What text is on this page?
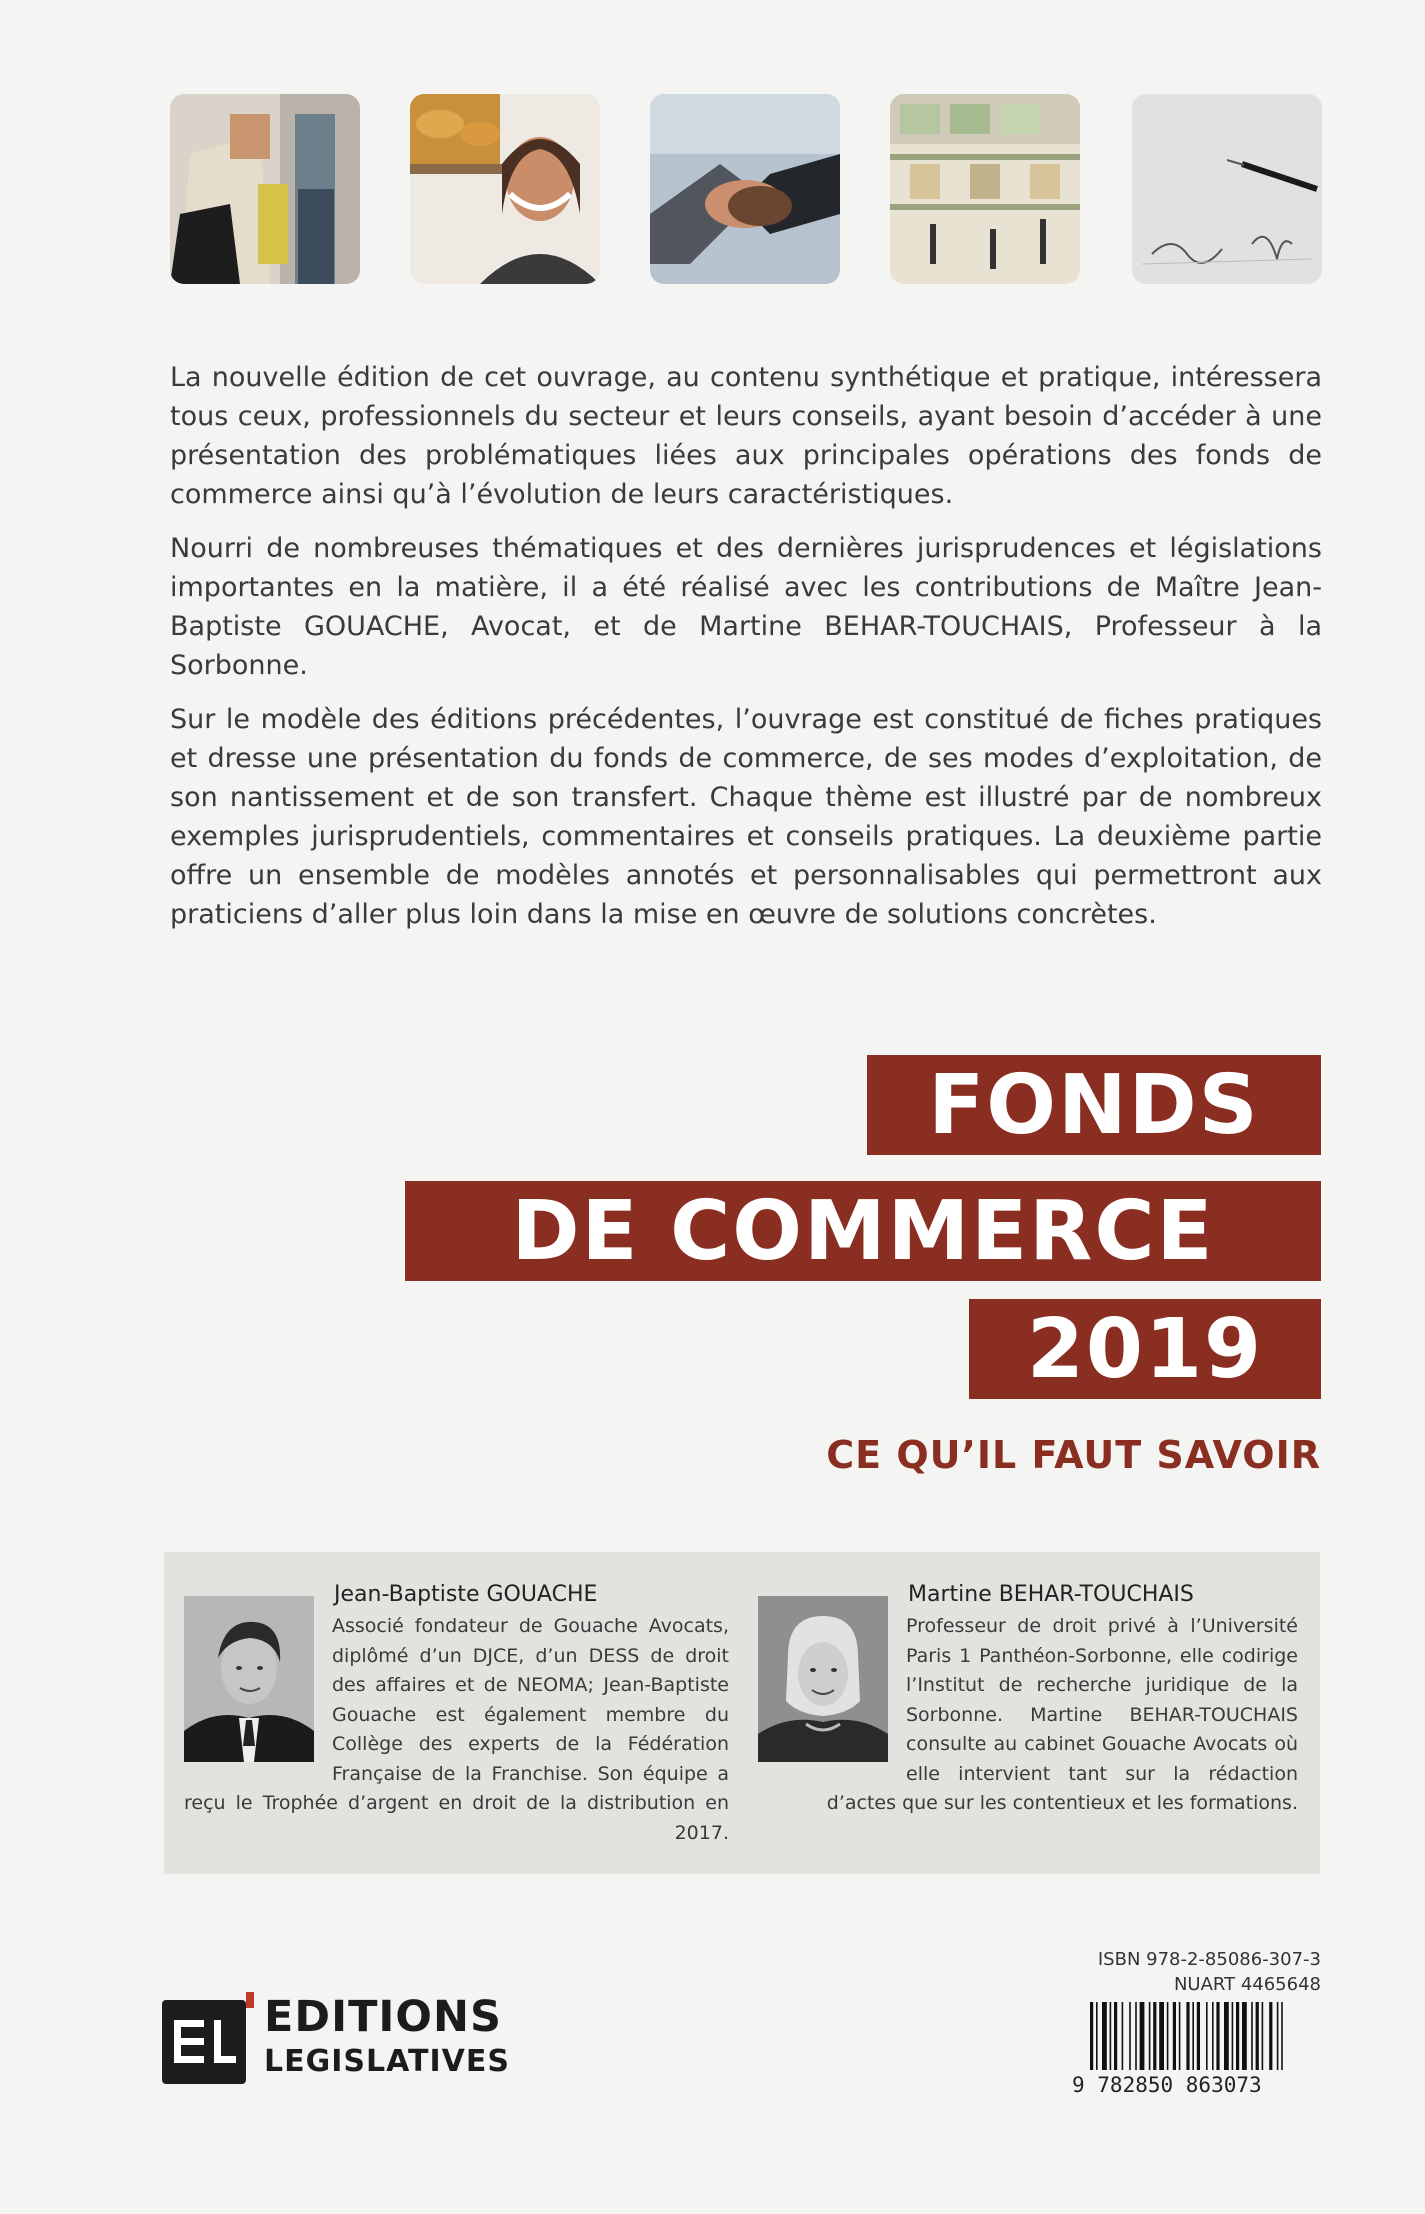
La nouvelle édition de cet ouvrage, au contenu synthétique et pratique, intéressera tous ceux, professionnels du secteur et leurs conseils, ayant besoin d’accéder à une présentation des problématiques liées aux principales opérations des fonds de commerce ainsi qu’à l’évolution de leurs caractéristiques.

Nourri de nombreuses thématiques et des dernières jurisprudences et législations importantes en la matière, il a été réalisé avec les contributions de Maître Jean-Baptiste GOUACHE, Avocat, et de Martine BEHAR-TOUCHAIS, Professeur à la Sorbonne.

Sur le modèle des éditions précédentes, l’ouvrage est constitué de fiches pratiques et dresse une présentation du fonds de commerce, de ses modes d’exploitation, de son nantissement et de son transfert. Chaque thème est illustré par de nombreux exemples jurisprudentiels, commentaires et conseils pratiques. La deuxième partie offre un ensemble de modèles annotés et personnalisables qui permettront aux praticiens d’aller plus loin dans la mise en œuvre de solutions concrètes.

FONDS
DE COMMERCE
2019
CE QU’IL FAUT SAVOIR
Jean-Baptiste GOUACHE
Associé fondateur de Gouache Avocats, diplômé d’un DJCE, d’un DESS de droit des affaires et de NEOMA; Jean-Baptiste Gouache est également membre du Collège des experts de la Fédération Française de la Franchise. Son équipe a reçu le Trophée d’argent en droit de la distribution en 2017.
Martine BEHAR-TOUCHAIS
Professeur de droit privé à l’Université Paris 1 Panthéon-Sorbonne, elle codirige l’Institut de recherche juridique de la Sorbonne. Martine BEHAR-TOUCHAIS consulte au cabinet Gouache Avocats où elle intervient tant sur la rédaction d’actes que sur les contentieux et les formations.
EDITIONS
LEGISLATIVES
ISBN 978-2-85086-307-3
NUART 4465648
9 782850 863073
